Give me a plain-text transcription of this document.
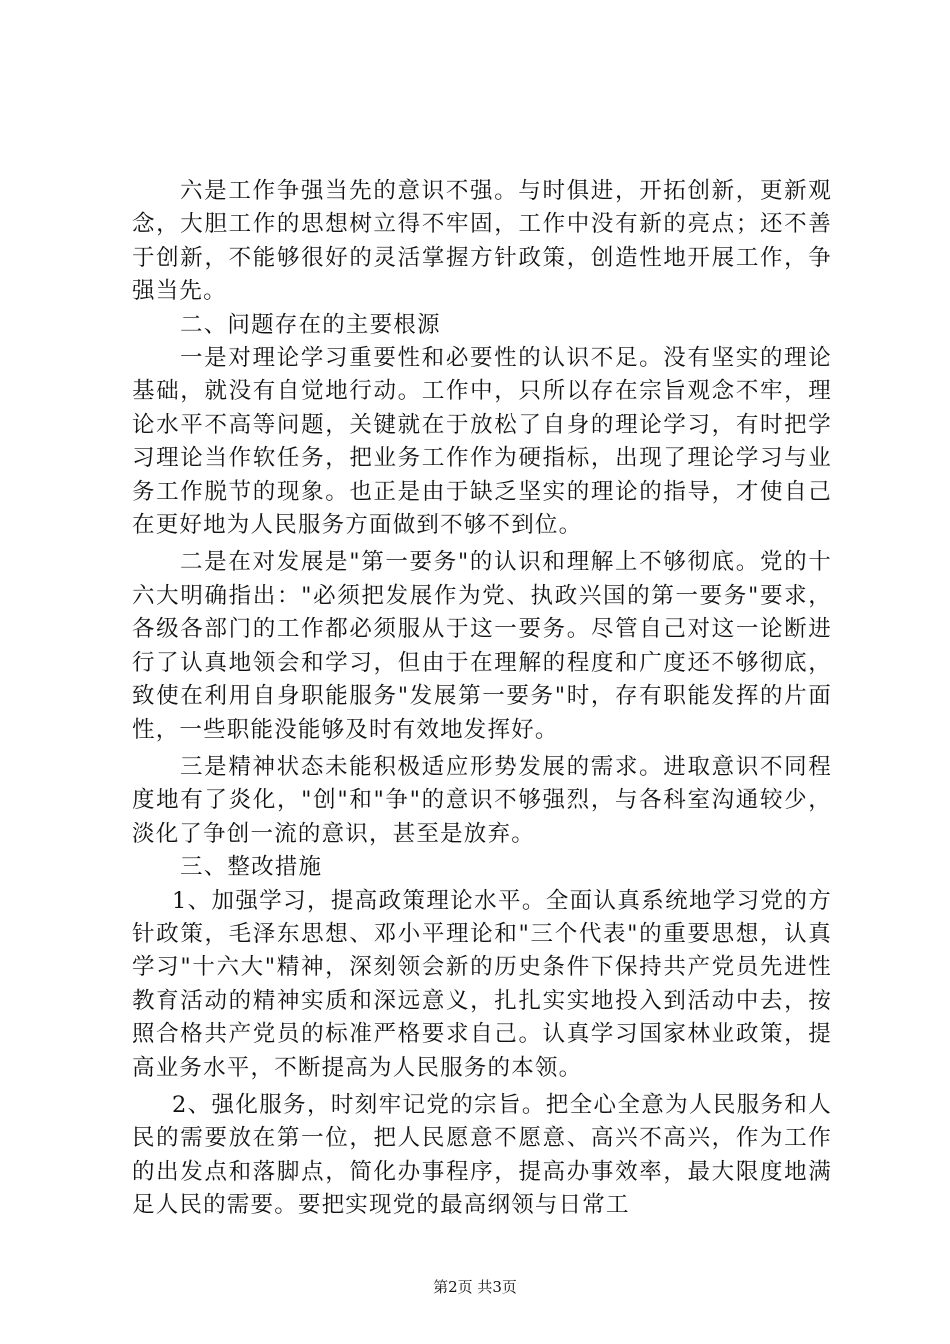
六是工作争强当先的意识不强。与时俱进，开拓创新，更新观念，大胆工作的思想树立得不牢固，工作中没有新的亮点；还不善于创新，不能够很好的灵活掌握方针政策，创造性地开展工作，争强当先。

二、问题存在的主要根源

一是对理论学习重要性和必要性的认识不足。没有坚实的理论基础，就没有自觉地行动。工作中，只所以存在宗旨观念不牢，理论水平不高等问题，关键就在于放松了自身的理论学习，有时把学习理论当作软任务，把业务工作作为硬指标，出现了理论学习与业务工作脱节的现象。也正是由于缺乏坚实的理论的指导，才使自己在更好地为人民服务方面做到不够不到位。

二是在对发展是"第一要务"的认识和理解上不够彻底。党的十六大明确指出："必须把发展作为党、执政兴国的第一要务"要求，各级各部门的工作都必须服从于这一要务。尽管自己对这一论断进行了认真地领会和学习，但由于在理解的程度和广度还不够彻底，致使在利用自身职能服务"发展第一要务"时，存有职能发挥的片面性，一些职能没能够及时有效地发挥好。

三是精神状态未能积极适应形势发展的需求。进取意识不同程度地有了炎化，"创"和"争"的意识不够强烈，与各科室沟通较少，淡化了争创一流的意识，甚至是放弃。

三、整改措施

1、加强学习，提高政策理论水平。全面认真系统地学习党的方针政策，毛泽东思想、邓小平理论和"三个代表"的重要思想，认真学习"十六大"精神，深刻领会新的历史条件下保持共产党员先进性教育活动的精神实质和深远意义，扎扎实实地投入到活动中去，按照合格共产党员的标准严格要求自己。认真学习国家林业政策，提高业务水平，不断提高为人民服务的本领。

2、强化服务，时刻牢记党的宗旨。把全心全意为人民服务和人民的需要放在第一位，把人民愿意不愿意、高兴不高兴，作为工作的出发点和落脚点，简化办事程序，提高办事效率，最大限度地满足人民的需要。要把实现党的最高纲领与日常工

第2页 共3页
